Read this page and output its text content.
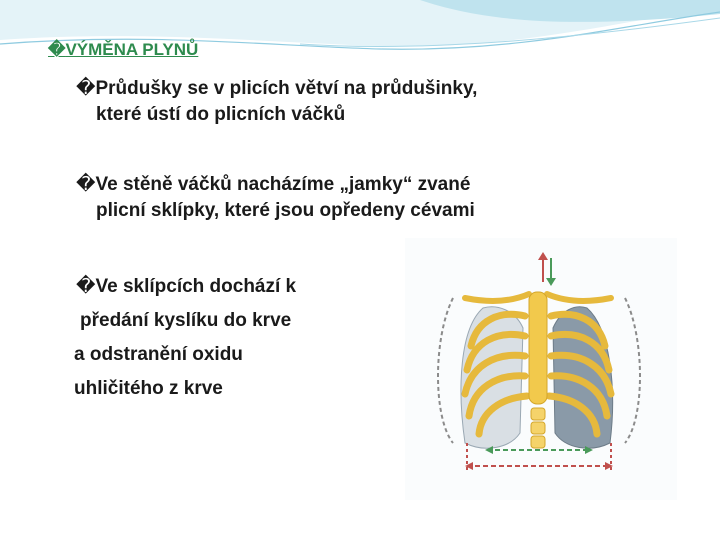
�VÝMĚNA PLYNŮ
�Průdušky se v plicích větví na průdušinky,
které ústí do plicních váčků
�Ve stěně váčků nacházíme „jamky“ zvané
plicní sklípky, které jsou opředeny cévami
�Ve sklípcích dochází k
předání kyslíku do krve
a odstranění oxidu
uhličitého z krve
